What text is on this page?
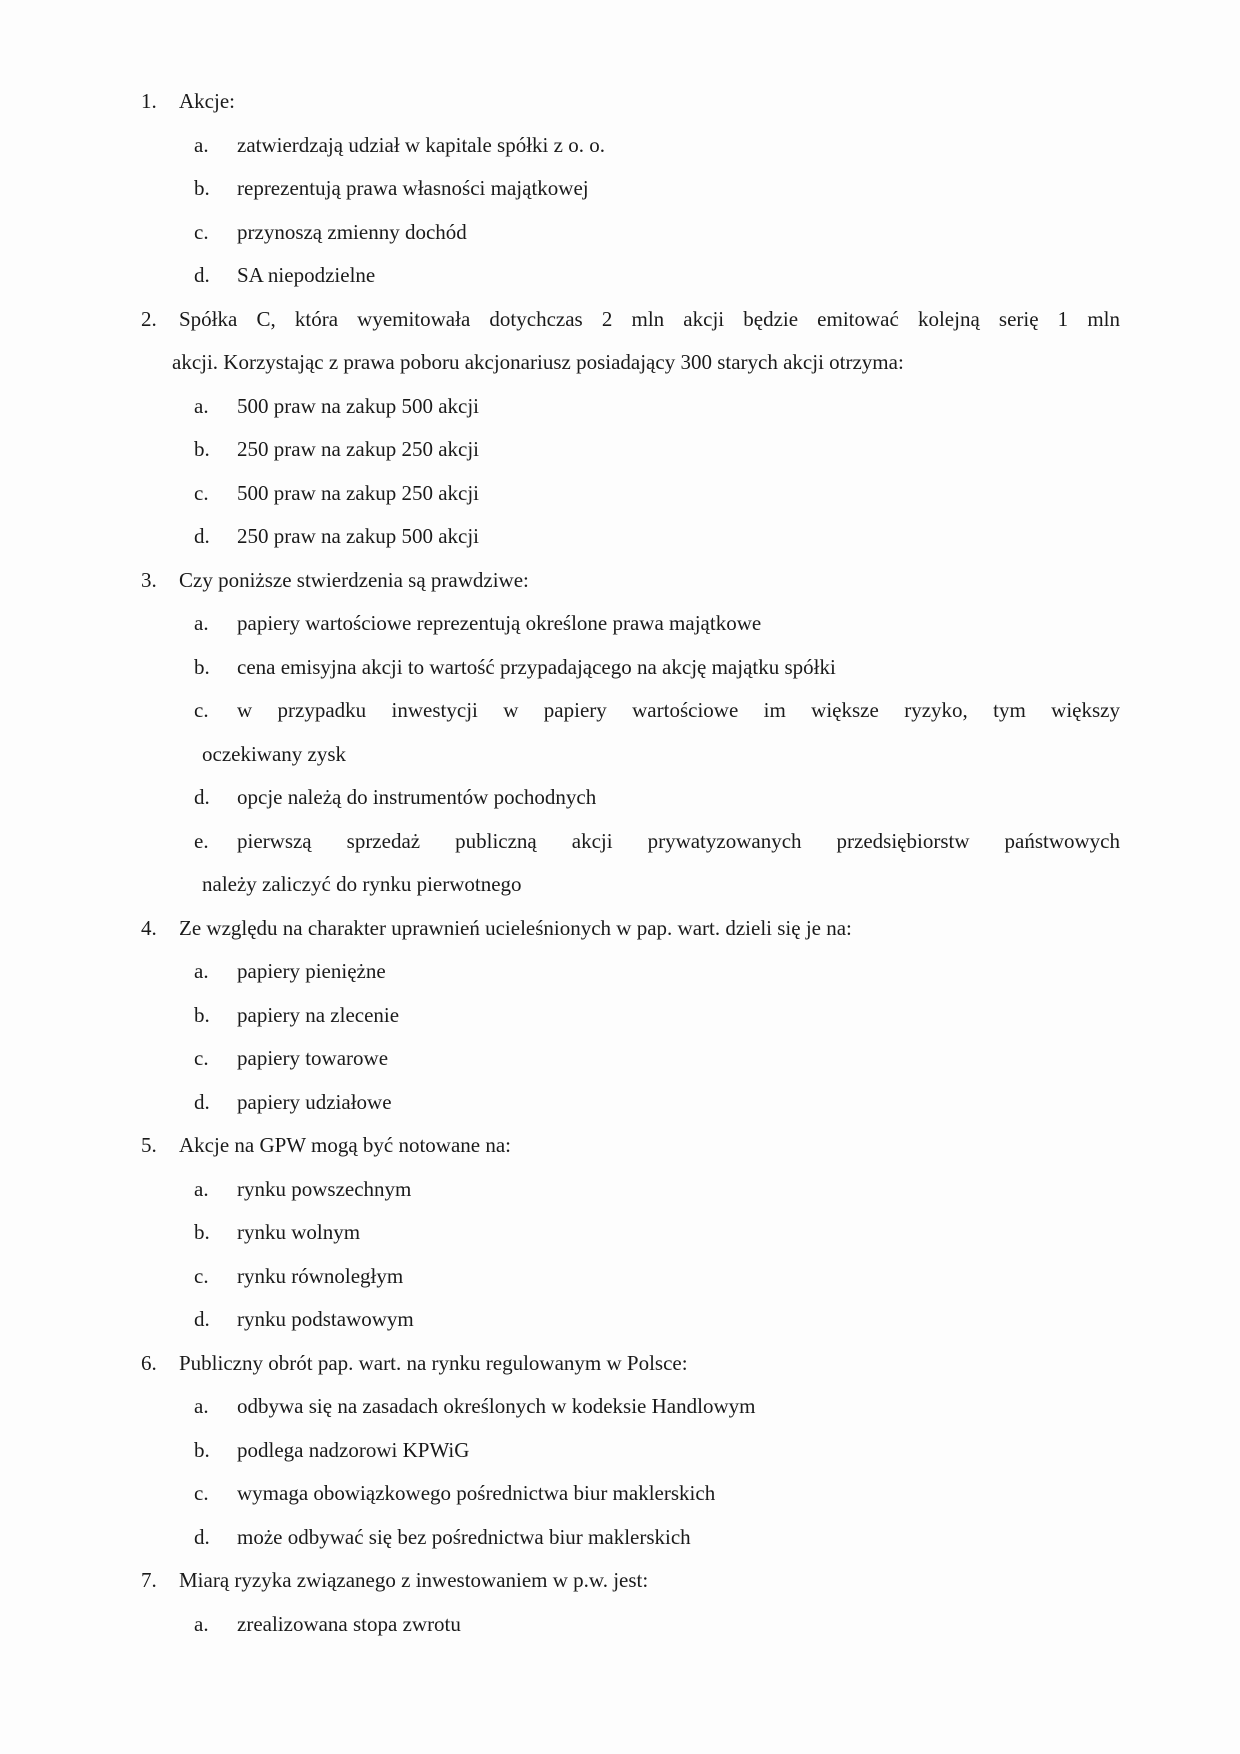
1. Akcje:
a. zatwierdzają udział w kapitale spółki z o. o.
b. reprezentują prawa własności majątkowej
c. przynoszą zmienny dochód
d. SA niepodzielne
2. Spółka C, która wyemitowała dotychczas 2 mln akcji będzie emitować kolejną serię 1 mln
akcji. Korzystając z prawa poboru akcjonariusz posiadający 300 starych akcji otrzyma:
a. 500 praw na zakup 500 akcji
b. 250 praw na zakup 250 akcji
c. 500 praw na zakup 250 akcji
d. 250 praw na zakup 500 akcji
3. Czy poniższe stwierdzenia są prawdziwe:
a. papiery wartościowe reprezentują określone prawa majątkowe
b. cena emisyjna akcji to wartość przypadającego na akcję majątku spółki
c. w przypadku inwestycji w papiery wartościowe im większe ryzyko, tym większy
oczekiwany zysk
d. opcje należą do instrumentów pochodnych
e. pierwszą sprzedaż publiczną akcji prywatyzowanych przedsiębiorstw państwowych
należy zaliczyć do rynku pierwotnego
4. Ze względu na charakter uprawnień ucieleśnionych w pap. wart. dzieli się je na:
a. papiery pieniężne
b. papiery na zlecenie
c. papiery towarowe
d. papiery udziałowe
5. Akcje na GPW mogą być notowane na:
a. rynku powszechnym
b. rynku wolnym
c. rynku równoległym
d. rynku podstawowym
6. Publiczny obrót pap. wart. na rynku regulowanym w Polsce:
a. odbywa się na zasadach określonych w kodeksie Handlowym
b. podlega nadzorowi KPWiG
c. wymaga obowiązkowego pośrednictwa biur maklerskich
d. może odbywać się bez pośrednictwa biur maklerskich
7. Miarą ryzyka związanego z inwestowaniem w p.w. jest:
a. zrealizowana stopa zwrotu
